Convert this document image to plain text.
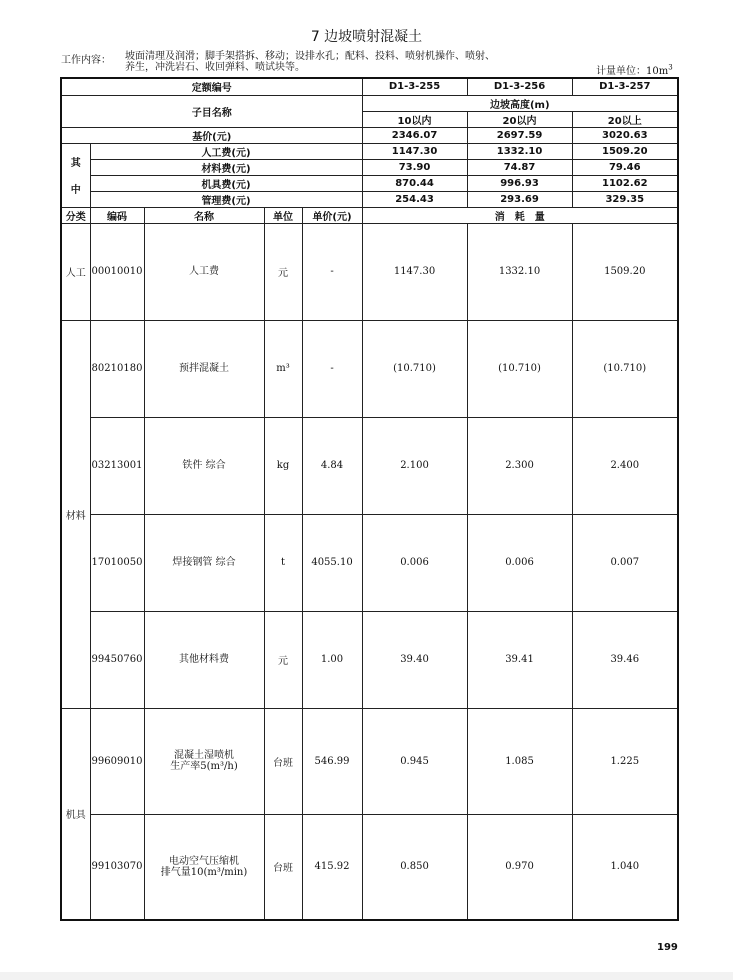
7 边坡喷射混凝土
工作内容： 坡面清理及润滑；脚手架搭拆、移动；设排水孔；配料、投料、喷射机操作、喷射、
养生，冲洗岩石、收回弹料、喷试块等。	计量单位：$10m^3$
定额编号					D1-3-255	D1-3-256	D1-3-257
子目名称					边坡高度(m)		
					10以内	20以内	20以上
基价(元)					2346.07	2697.59	3020.63

其
中	人工费(元)				1147.30	1332.10	1509.20
	材料费(元)				73.90	74.87	79.46
	机具费(元)				870.44	996.93	1102.62
	管理费(元)				254.43	293.69	329.35
分类	编码	名称	单位	单价(元)	消　耗　量		
人工	00010010	人工费	元	-	1147.30	1332.10	1509.20
材料	80210180	预拌混凝土	m³	-	(10.710)	(10.710)	(10.710)
	03213001	铁件 综合	kg	4.84	2.100	2.300	2.400
	17010050	焊接钢管 综合	t	4055.10	0.006	0.006	0.007
	99450760	其他材料费	元	1.00	39.40	39.41	39.46
机具	99609010	混凝土湿喷机
生产率5(m³/h)	台班	546.99	0.945	1.085	1.225
	99103070	电动空气压缩机
排气量10(m³/min)	台班	415.92	0.850	0.970	1.040
199
